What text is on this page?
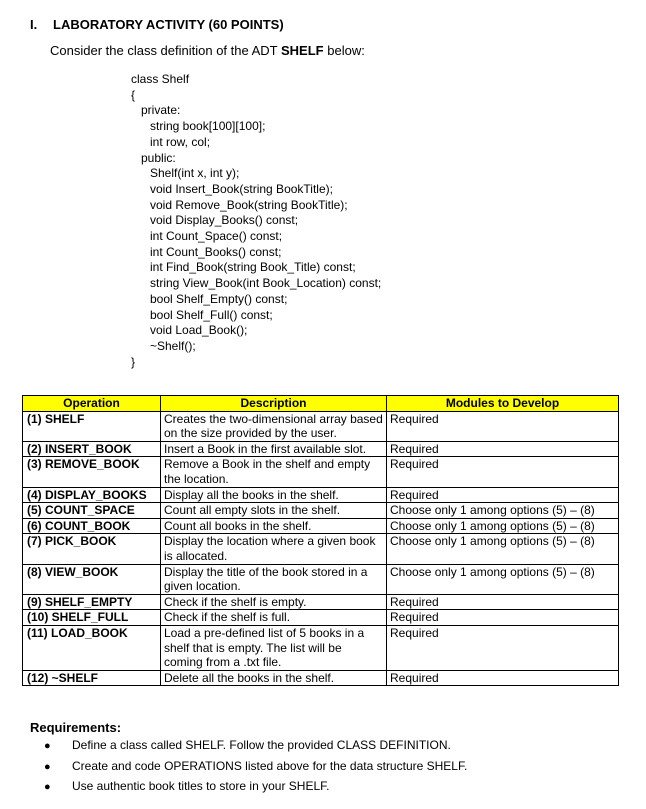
I. LABORATORY ACTIVITY (60 POINTS)
Consider the class definition of the ADT SHELF below:
class Shelf
{
private:
string book[100][100];
int row, col;
public:
Shelf(int x, int y);
void Insert_Book(string BookTitle);
void Remove_Book(string BookTitle);
void Display_Books() const;
int Count_Space() const;
int Count_Books() const;
int Find_Book(string Book_Title) const;
string View_Book(int Book_Location) const;
bool Shelf_Empty() const;
bool Shelf_Full() const;
void Load_Book();
~Shelf();
}
Operation	Description	Modules to Develop
(1) SHELF	Creates the two-dimensional array based on the size provided by the user.	Required
(2) INSERT_BOOK	Insert a Book in the first available slot.	Required
(3) REMOVE_BOOK	Remove a Book in the shelf and empty the location.	Required
(4) DISPLAY_BOOKS	Display all the books in the shelf.	Required
(5) COUNT_SPACE	Count all empty slots in the shelf.	Choose only 1 among options (5) – (8)
(6) COUNT_BOOK	Count all books in the shelf.	Choose only 1 among options (5) – (8)
(7) PICK_BOOK	Display the location where a given book is allocated.	Choose only 1 among options (5) – (8)
(8) VIEW_BOOK	Display the title of the book stored in a given location.	Choose only 1 among options (5) – (8)
(9) SHELF_EMPTY	Check if the shelf is empty.	Required
(10) SHELF_FULL	Check if the shelf is full.	Required
(11) LOAD_BOOK	Load a pre-defined list of 5 books in a shelf that is empty. The list will be coming from a .txt file.	Required
(12) ~SHELF	Delete all the books in the shelf.	Required
Requirements:
● Define a class called SHELF. Follow the provided CLASS DEFINITION.
● Create and code OPERATIONS listed above for the data structure SHELF.
● Use authentic book titles to store in your SHELF.
